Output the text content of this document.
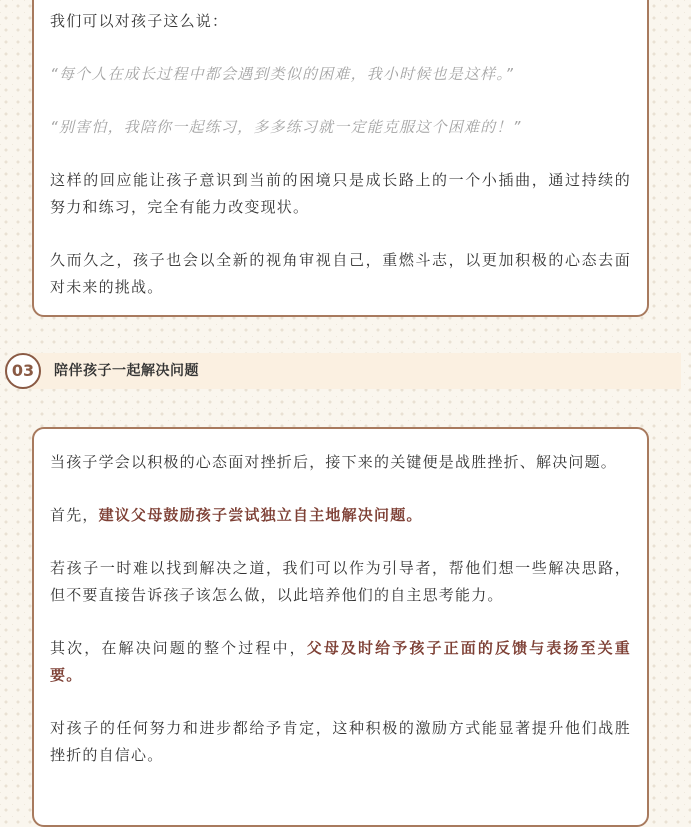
我们可以对孩子这么说：

“每个人在成长过程中都会遇到类似的困难，我小时候也是这样。”

“别害怕，我陪你一起练习，多多练习就一定能克服这个困难的！”

这样的回应能让孩子意识到当前的困境只是成长路上的一个小插曲，通过持续的努力和练习，完全有能力改变现状。

久而久之，孩子也会以全新的视角审视自己，重燃斗志，以更加积极的心态去面对未来的挑战。

03	陪伴孩子一起解决问题

当孩子学会以积极的心态面对挫折后，接下来的关键便是战胜挫折、解决问题。

首先，建议父母鼓励孩子尝试独立自主地解决问题。

若孩子一时难以找到解决之道，我们可以作为引导者，帮他们想一些解决思路，但不要直接告诉孩子该怎么做，以此培养他们的自主思考能力。

其次，在解决问题的整个过程中，父母及时给予孩子正面的反馈与表扬至关重要。

对孩子的任何努力和进步都给予肯定，这种积极的激励方式能显著提升他们战胜挫折的自信心。
